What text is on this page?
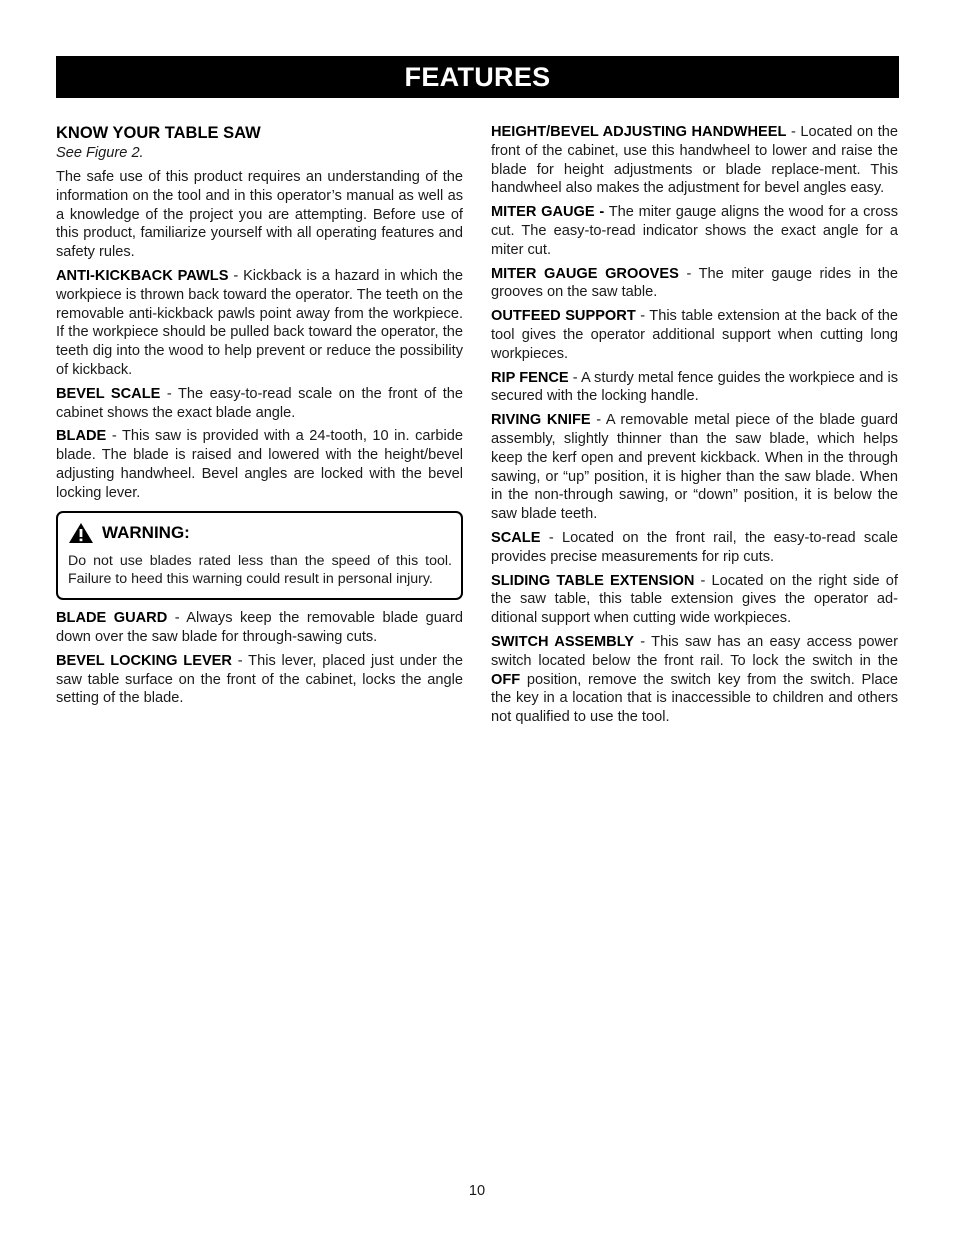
FEATURES
KNOW YOUR TABLE SAW
See Figure 2.

The safe use of this product requires an understanding of the information on the tool and in this operator’s manual as well as a knowledge of the project you are attempting. Before use of this product, familiarize yourself with all operating features and safety rules.

ANTI-KICKBACK PAWLS - Kickback is a hazard in which the workpiece is thrown back toward the operator. The teeth on the removable anti-kickback pawls point away from the workpiece. If the workpiece should be pulled back toward the operator, the teeth dig into the wood to help prevent or reduce the possibility of kickback.

BEVEL SCALE - The easy-to-read scale on the front of the cabinet shows the exact blade angle.

BLADE - This saw is provided with a 24-tooth, 10 in. carbide blade. The blade is raised and lowered with the height/bevel adjusting handwheel. Bevel angles are locked with the bevel locking lever.

WARNING:
Do not use blades rated less than the speed of this tool. Failure to heed this warning could result in personal injury.

BLADE GUARD - Always keep the removable blade guard down over the saw blade for through-sawing cuts.

BEVEL LOCKING LEVER - This lever, placed just under the saw table surface on the front of the cabinet, locks the angle setting of the blade.

HEIGHT/BEVEL ADJUSTING HANDWHEEL - Located on the front of the cabinet, use this handwheel to lower and raise the blade for height adjustments or blade replace-ment. This handwheel also makes the adjustment for bevel angles easy.

MITER GAUGE - The miter gauge aligns the wood for a cross cut. The easy-to-read indicator shows the exact angle for a miter cut.

MITER GAUGE GROOVES - The miter gauge rides in the grooves on the saw table.

OUTFEED SUPPORT - This table extension at the back of the tool gives the operator additional support when cutting long workpieces.

RIP FENCE - A sturdy metal fence guides the workpiece and is secured with the locking handle.

RIVING KNIFE - A removable metal piece of the blade guard assembly, slightly thinner than the saw blade, which helps keep the kerf open and prevent kickback. When in the through sawing, or “up” position, it is higher than the saw blade. When in the non-through sawing, or “down” position, it is below the saw blade teeth.

SCALE - Located on the front rail, the easy-to-read scale provides precise measurements for rip cuts.

SLIDING TABLE EXTENSION - Located on the right side of the saw table, this table extension gives the operator ad-ditional support when cutting wide workpieces.

SWITCH ASSEMBLY - This saw has an easy access power switch located below the front rail. To lock the switch in the OFF position, remove the switch key from the switch. Place the key in a location that is inaccessible to children and others not qualified to use the tool.

10
